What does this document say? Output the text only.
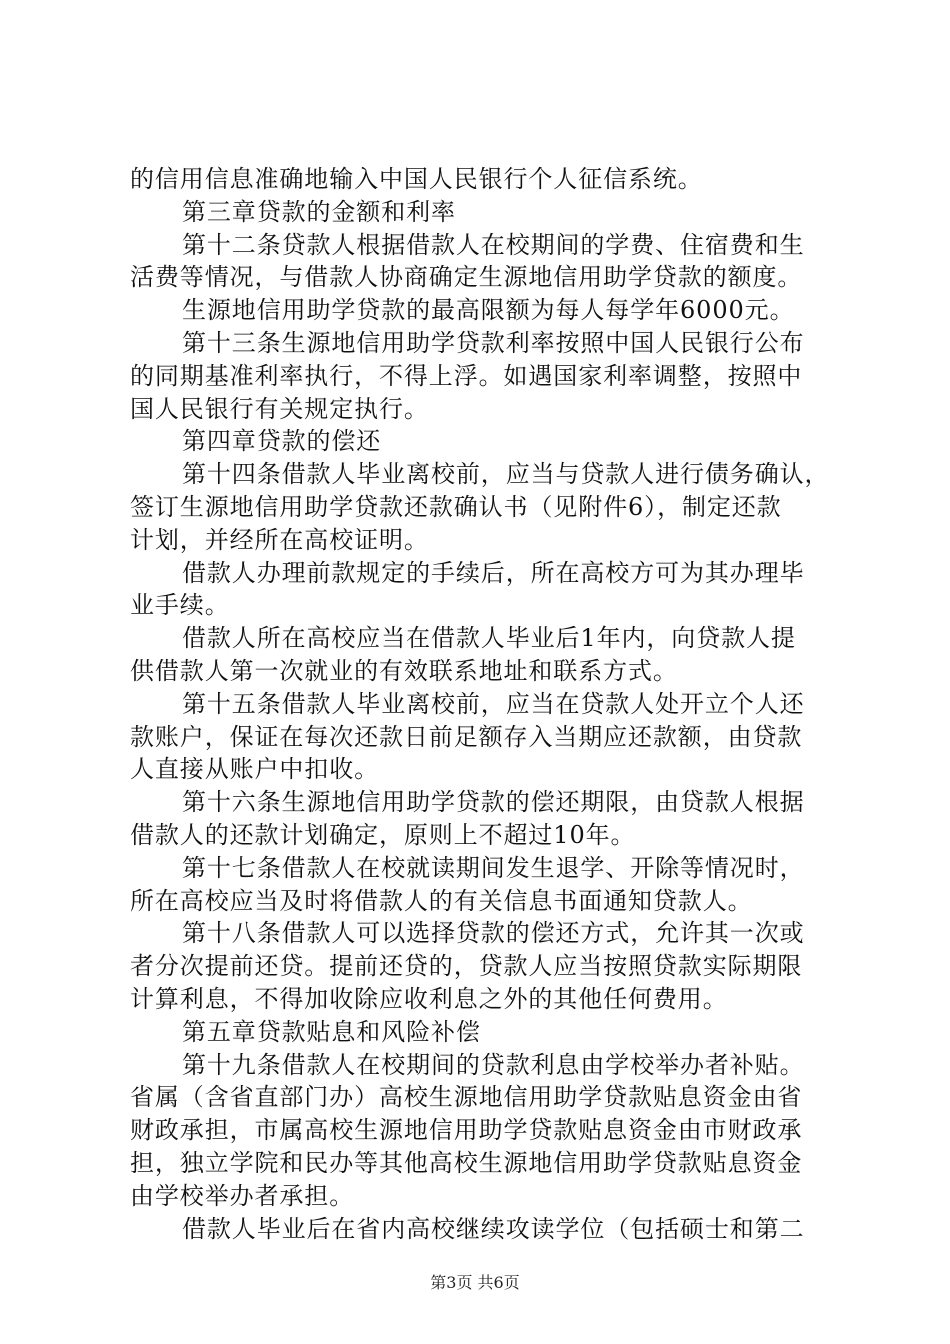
的信用信息准确地输入中国人民银行个人征信系统。
第三章贷款的金额和利率
第十二条贷款人根据借款人在校期间的学费、住宿费和生
活费等情况，与借款人协商确定生源地信用助学贷款的额度。
生源地信用助学贷款的最高限额为每人每学年6000元。
第十三条生源地信用助学贷款利率按照中国人民银行公布
的同期基准利率执行，不得上浮。如遇国家利率调整，按照中
国人民银行有关规定执行。
第四章贷款的偿还
第十四条借款人毕业离校前，应当与贷款人进行债务确认，
签订生源地信用助学贷款还款确认书（见附件6），制定还款
计划，并经所在高校证明。
借款人办理前款规定的手续后，所在高校方可为其办理毕
业手续。
借款人所在高校应当在借款人毕业后1年内，向贷款人提
供借款人第一次就业的有效联系地址和联系方式。
第十五条借款人毕业离校前，应当在贷款人处开立个人还
款账户，保证在每次还款日前足额存入当期应还款额，由贷款
人直接从账户中扣收。
第十六条生源地信用助学贷款的偿还期限，由贷款人根据
借款人的还款计划确定，原则上不超过10年。
第十七条借款人在校就读期间发生退学、开除等情况时，
所在高校应当及时将借款人的有关信息书面通知贷款人。
第十八条借款人可以选择贷款的偿还方式，允许其一次或
者分次提前还贷。提前还贷的，贷款人应当按照贷款实际期限
计算利息，不得加收除应收利息之外的其他任何费用。
第五章贷款贴息和风险补偿
第十九条借款人在校期间的贷款利息由学校举办者补贴。
省属（含省直部门办）高校生源地信用助学贷款贴息资金由省
财政承担，市属高校生源地信用助学贷款贴息资金由市财政承
担，独立学院和民办等其他高校生源地信用助学贷款贴息资金
由学校举办者承担。
借款人毕业后在省内高校继续攻读学位（包括硕士和第二
第3页 共6页
